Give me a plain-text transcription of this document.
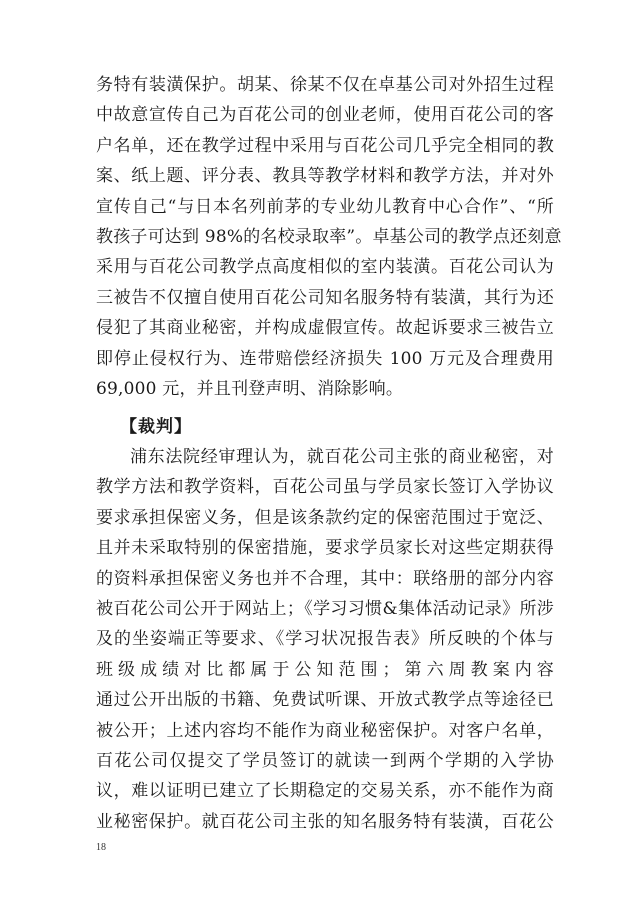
务特有装潢保护。胡某、徐某不仅在卓基公司对外招生过程
中故意宣传自己为百花公司的创业老师，使用百花公司的客
户名单，还在教学过程中采用与百花公司几乎完全相同的教
案、纸上题、评分表、教具等教学材料和教学方法，并对外
宣传自己“与日本名列前茅的专业幼儿教育中心合作”、“所
教孩子可达到 98%的名校录取率”。卓基公司的教学点还刻意
采用与百花公司教学点高度相似的室内装潢。百花公司认为
三被告不仅擅自使用百花公司知名服务特有装潢，其行为还
侵犯了其商业秘密，并构成虚假宣传。故起诉要求三被告立
即停止侵权行为、连带赔偿经济损失 100 万元及合理费用
69,000 元，并且刊登声明、消除影响。
【裁判】
浦东法院经审理认为，就百花公司主张的商业秘密，对
教学方法和教学资料，百花公司虽与学员家长签订入学协议
要求承担保密义务，但是该条款约定的保密范围过于宽泛、
且并未采取特别的保密措施，要求学员家长对这些定期获得
的资料承担保密义务也并不合理，其中：联络册的部分内容
被百花公司公开于网站上；《学习习惯&集体活动记录》所涉
及的坐姿端正等要求、《学习状况报告表》所反映的个体与
班级成绩对比都属于公知范围；第六周教案内容
通过公开出版的书籍、免费试听课、开放式教学点等途径已
被公开；上述内容均不能作为商业秘密保护。对客户名单，
百花公司仅提交了学员签订的就读一到两个学期的入学协
议，难以证明已建立了长期稳定的交易关系，亦不能作为商
业秘密保护。就百花公司主张的知名服务特有装潢，百花公
18
